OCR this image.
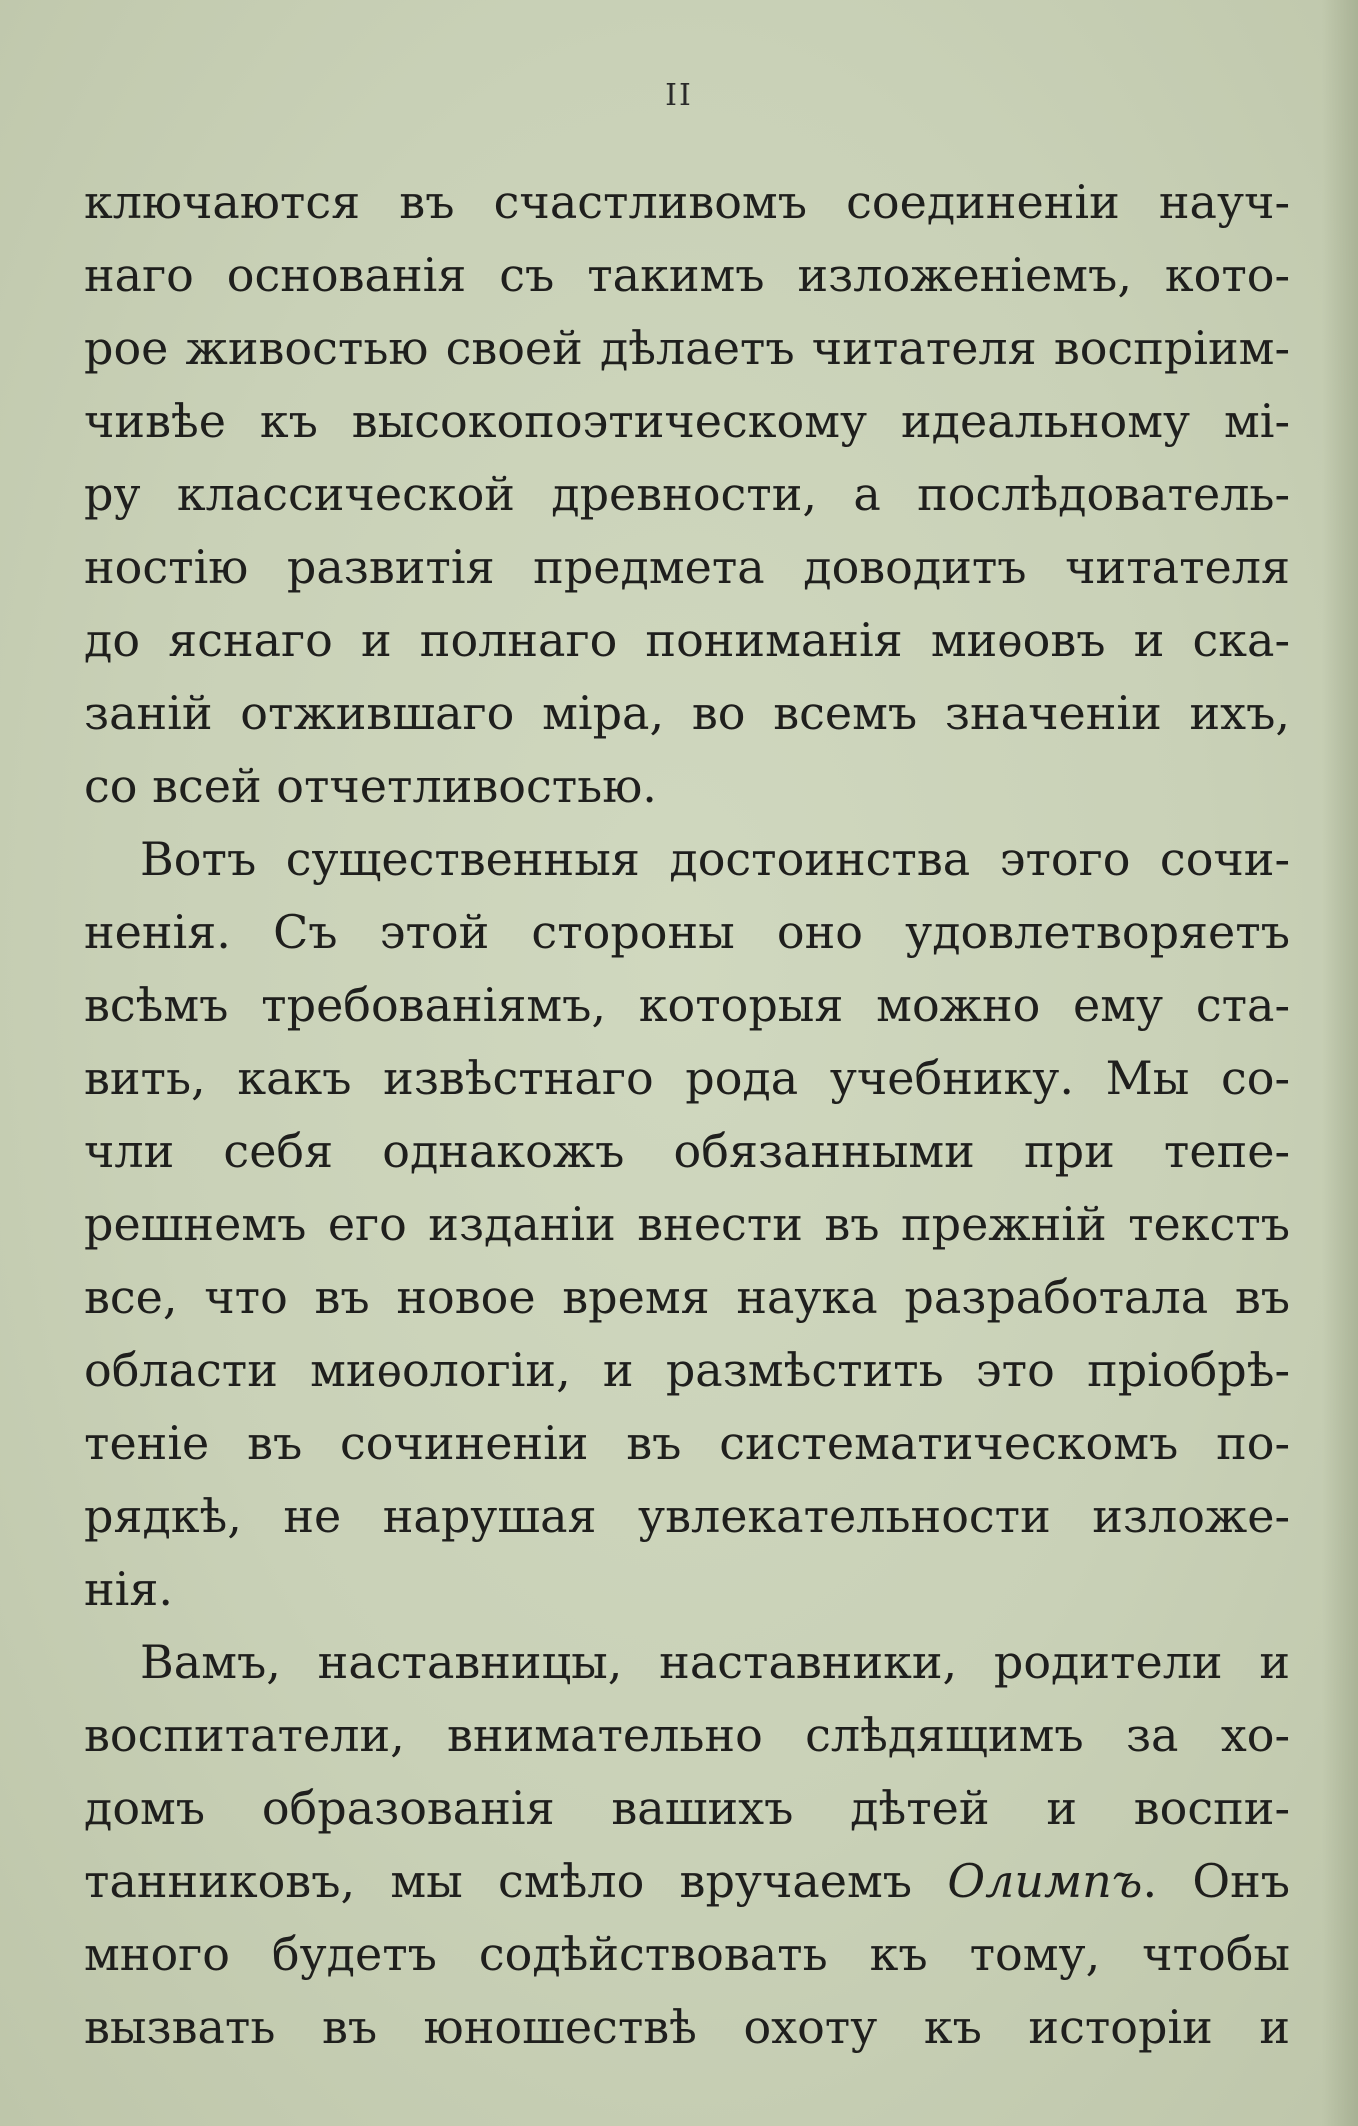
II
ключаются въ счастливомъ соединенiи науч-
наго основанiя съ такимъ изложенiемъ, кото-
рое живостью своей дѣлаетъ читателя воспрiим-
чивѣе къ высокопоэтическому идеальному мi-
ру классической древности, а послѣдователь-
ностiю развитiя предмета доводитъ читателя
до яснаго и полнаго пониманiя миѳовъ и ска-
занiй отжившаго мiра, во всемъ значенiи ихъ,
со всей отчетливостью.
Вотъ существенныя достоинства этого сочи-
ненiя. Съ этой стороны оно удовлетворяетъ
всѣмъ требованiямъ, которыя можно ему ста-
вить, какъ извѣстнаго рода учебнику. Мы со-
чли себя однакожъ обязанными при тепе-
решнемъ его изданiи внести въ прежнiй текстъ
все, что въ новое время наука разработала въ
области миѳологiи, и размѣстить это прiобрѣ-
тенiе въ сочиненiи въ систематическомъ по-
рядкѣ, не нарушая увлекательности изложе-
нiя.
Вамъ, наставницы, наставники, родители и
воспитатели, внимательно слѣдящимъ за хо-
домъ образованiя вашихъ дѣтей и воспи-
танниковъ, мы смѣло вручаемъ Олимпъ. Онъ
много будетъ содѣйствовать къ тому, чтобы
вызвать въ юношествѣ охоту къ исторiи и
